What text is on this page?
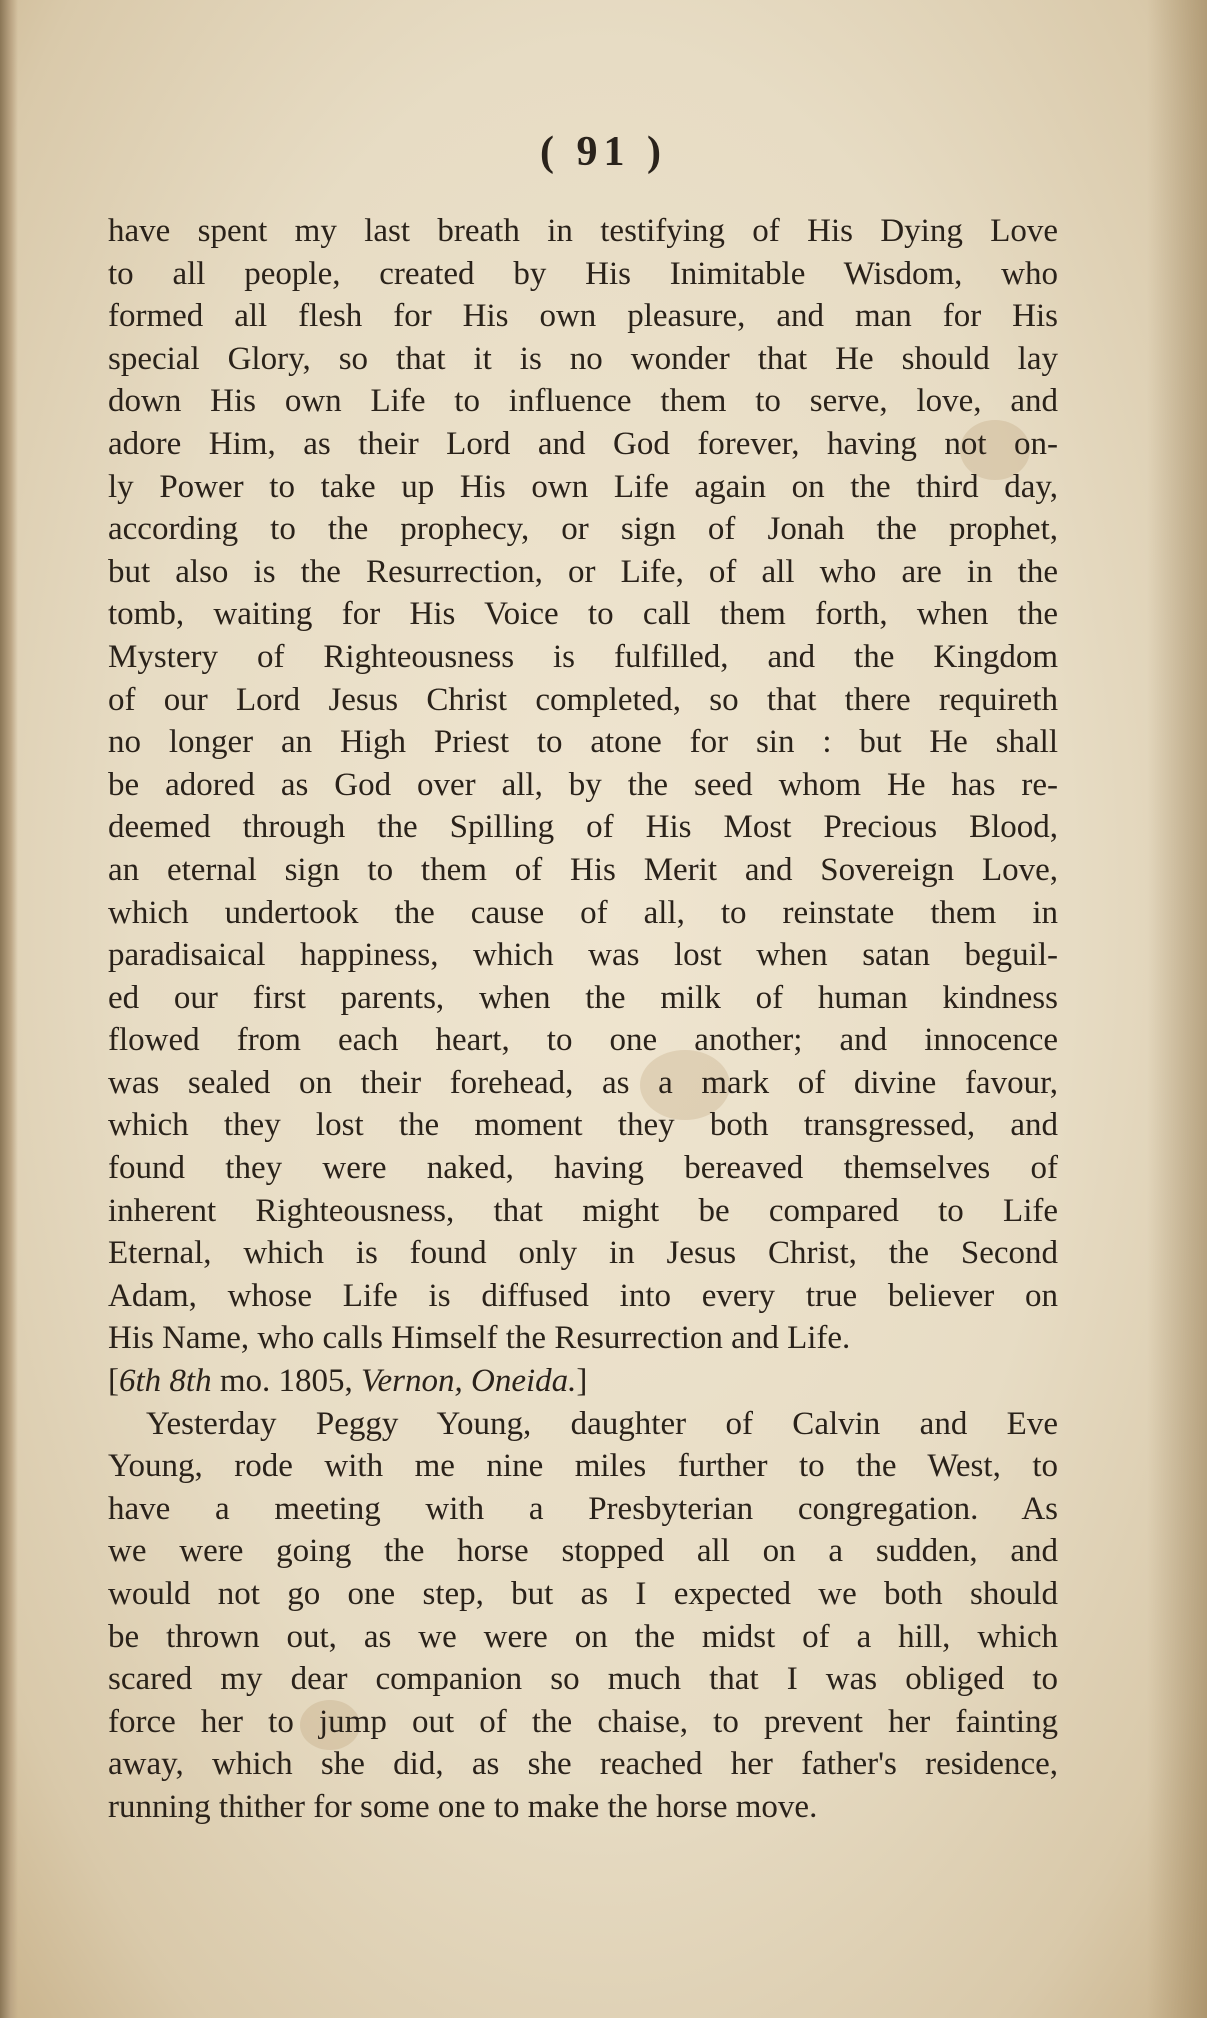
( 91 )
have spent my last breath in testifying of His Dying Love
to all people, created by His Inimitable Wisdom, who
formed all flesh for His own pleasure, and man for His
special Glory, so that it is no wonder that He should lay
down His own Life to influence them to serve, love, and
adore Him, as their Lord and God forever, having not on-
ly Power to take up His own Life again on the third day,
according to the prophecy, or sign of Jonah the prophet,
but also is the Resurrection, or Life, of all who are in the
tomb, waiting for His Voice to call them forth, when the
Mystery of Righteousness is fulfilled, and the Kingdom
of our Lord Jesus Christ completed, so that there requireth
no longer an High Priest to atone for sin : but He shall
be adored as God over all, by the seed whom He has re-
deemed through the Spilling of His Most Precious Blood,
an eternal sign to them of His Merit and Sovereign Love,
which undertook the cause of all, to reinstate them in
paradisaical happiness, which was lost when satan beguil-
ed our first parents, when the milk of human kindness
flowed from each heart, to one another; and innocence
was sealed on their forehead, as a mark of divine favour,
which they lost the moment they both transgressed, and
found they were naked, having bereaved themselves of
inherent Righteousness, that might be compared to Life
Eternal, which is found only in Jesus Christ, the Second
Adam, whose Life is diffused into every true believer on
His Name, who calls Himself the Resurrection and Life.
[6th 8th mo. 1805, Vernon, Oneida.]
Yesterday Peggy Young, daughter of Calvin and Eve
Young, rode with me nine miles further to the West, to
have a meeting with a Presbyterian congregation. As
we were going the horse stopped all on a sudden, and
would not go one step, but as I expected we both should
be thrown out, as we were on the midst of a hill, which
scared my dear companion so much that I was obliged to
force her to jump out of the chaise, to prevent her fainting
away, which she did, as she reached her father's residence,
running thither for some one to make the horse move.
